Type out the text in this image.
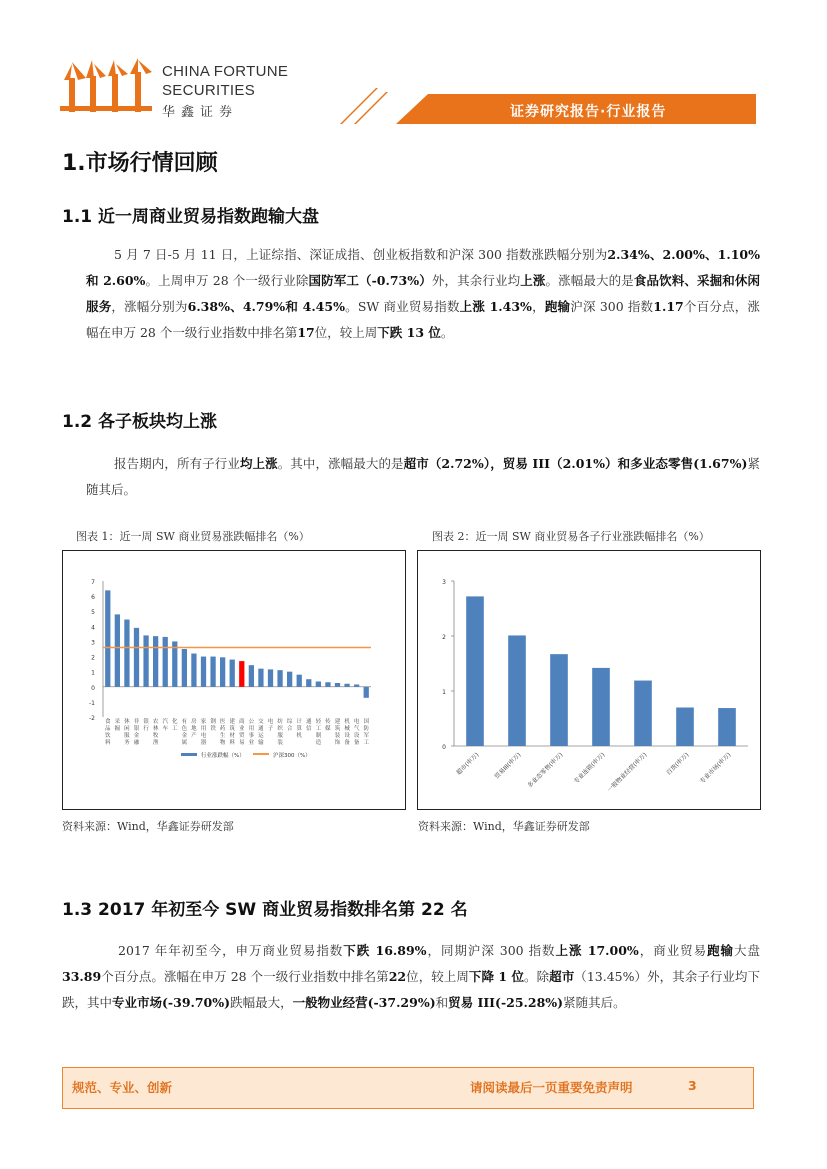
CHINA FORTUNE
SECURITIES
华鑫证券	证券研究报告·行业报告
1.市场行情回顾
1.1 近一周商业贸易指数跑输大盘
5 月 7 日-5 月 11 日，上证综指、深证成指、创业板指数和沪深 300 指数涨跌幅分别为2.34%、2.00%、1.10%和 2.60%。上周申万 28 个一级行业除国防军工（-0.73%）外，其余行业均上涨。涨幅最大的是食品饮料、采掘和休闲服务，涨幅分别为6.38%、4.79%和 4.45%。SW 商业贸易指数上涨 1.43%，跑输沪深 300 指数1.17个百分点，涨幅在申万 28 个一级行业指数中排名第17位，较上周下跌 13 位。
1.2 各子板块均上涨
报告期内，所有子行业均上涨。其中，涨幅最大的是超市（2.72%），贸易 III（2.01%）和多业态零售(1.67%)紧随其后。
图表 1：近一周 SW 商业贸易涨跌幅排名（%）	图表 2：近一周 SW 商业贸易各子行业涨跌幅排名（%）
7
6
5
4
3
2
1
0
-1
-2 食
品
饮
料
采
掘
休
闲
服
务
非
银
金
融
银
行
农
林
牧
渔
汽
车
化
工
有
色
金
属
房
地
产
家
用
电
器
钢
铁
医
药
生
物
建
筑
材
料
商
业
贸
易
公
用
事
业
交
通
运
输
电
子
纺
织
服
装
综
合
计
算
机
通
信
轻
工
制
造
传
媒
建
筑
装
饰
机
械
设
备
电
气
设
备
国
防
军
工
行业涨跌幅（%）	沪深300（%）
3
2
1
0
超市(申万) 贸易III(申万) 多业态零售(申万) 专业连锁(申万) 一般物业经营(申万)	百货(申万) 专业市场(申万)
资料来源：Wind，华鑫证券研发部	资料来源：Wind，华鑫证券研发部
1.3 2017 年初至今 SW 商业贸易指数排名第 22 名
2017 年年初至今，申万商业贸易指数下跌 16.89%，同期沪深 300 指数上涨 17.00%，商业贸易跑输大盘33.89个百分点。涨幅在申万 28 个一级行业指数中排名第22位，较上周下降 1 位。除超市（13.45%）外，其余子行业均下跌，其中专业市场(-39.70%)跌幅最大，一般物业经营(-37.29%)和贸易 III(-25.28%)紧随其后。
规范、专业、创新	请阅读最后一页重要免责声明	3
